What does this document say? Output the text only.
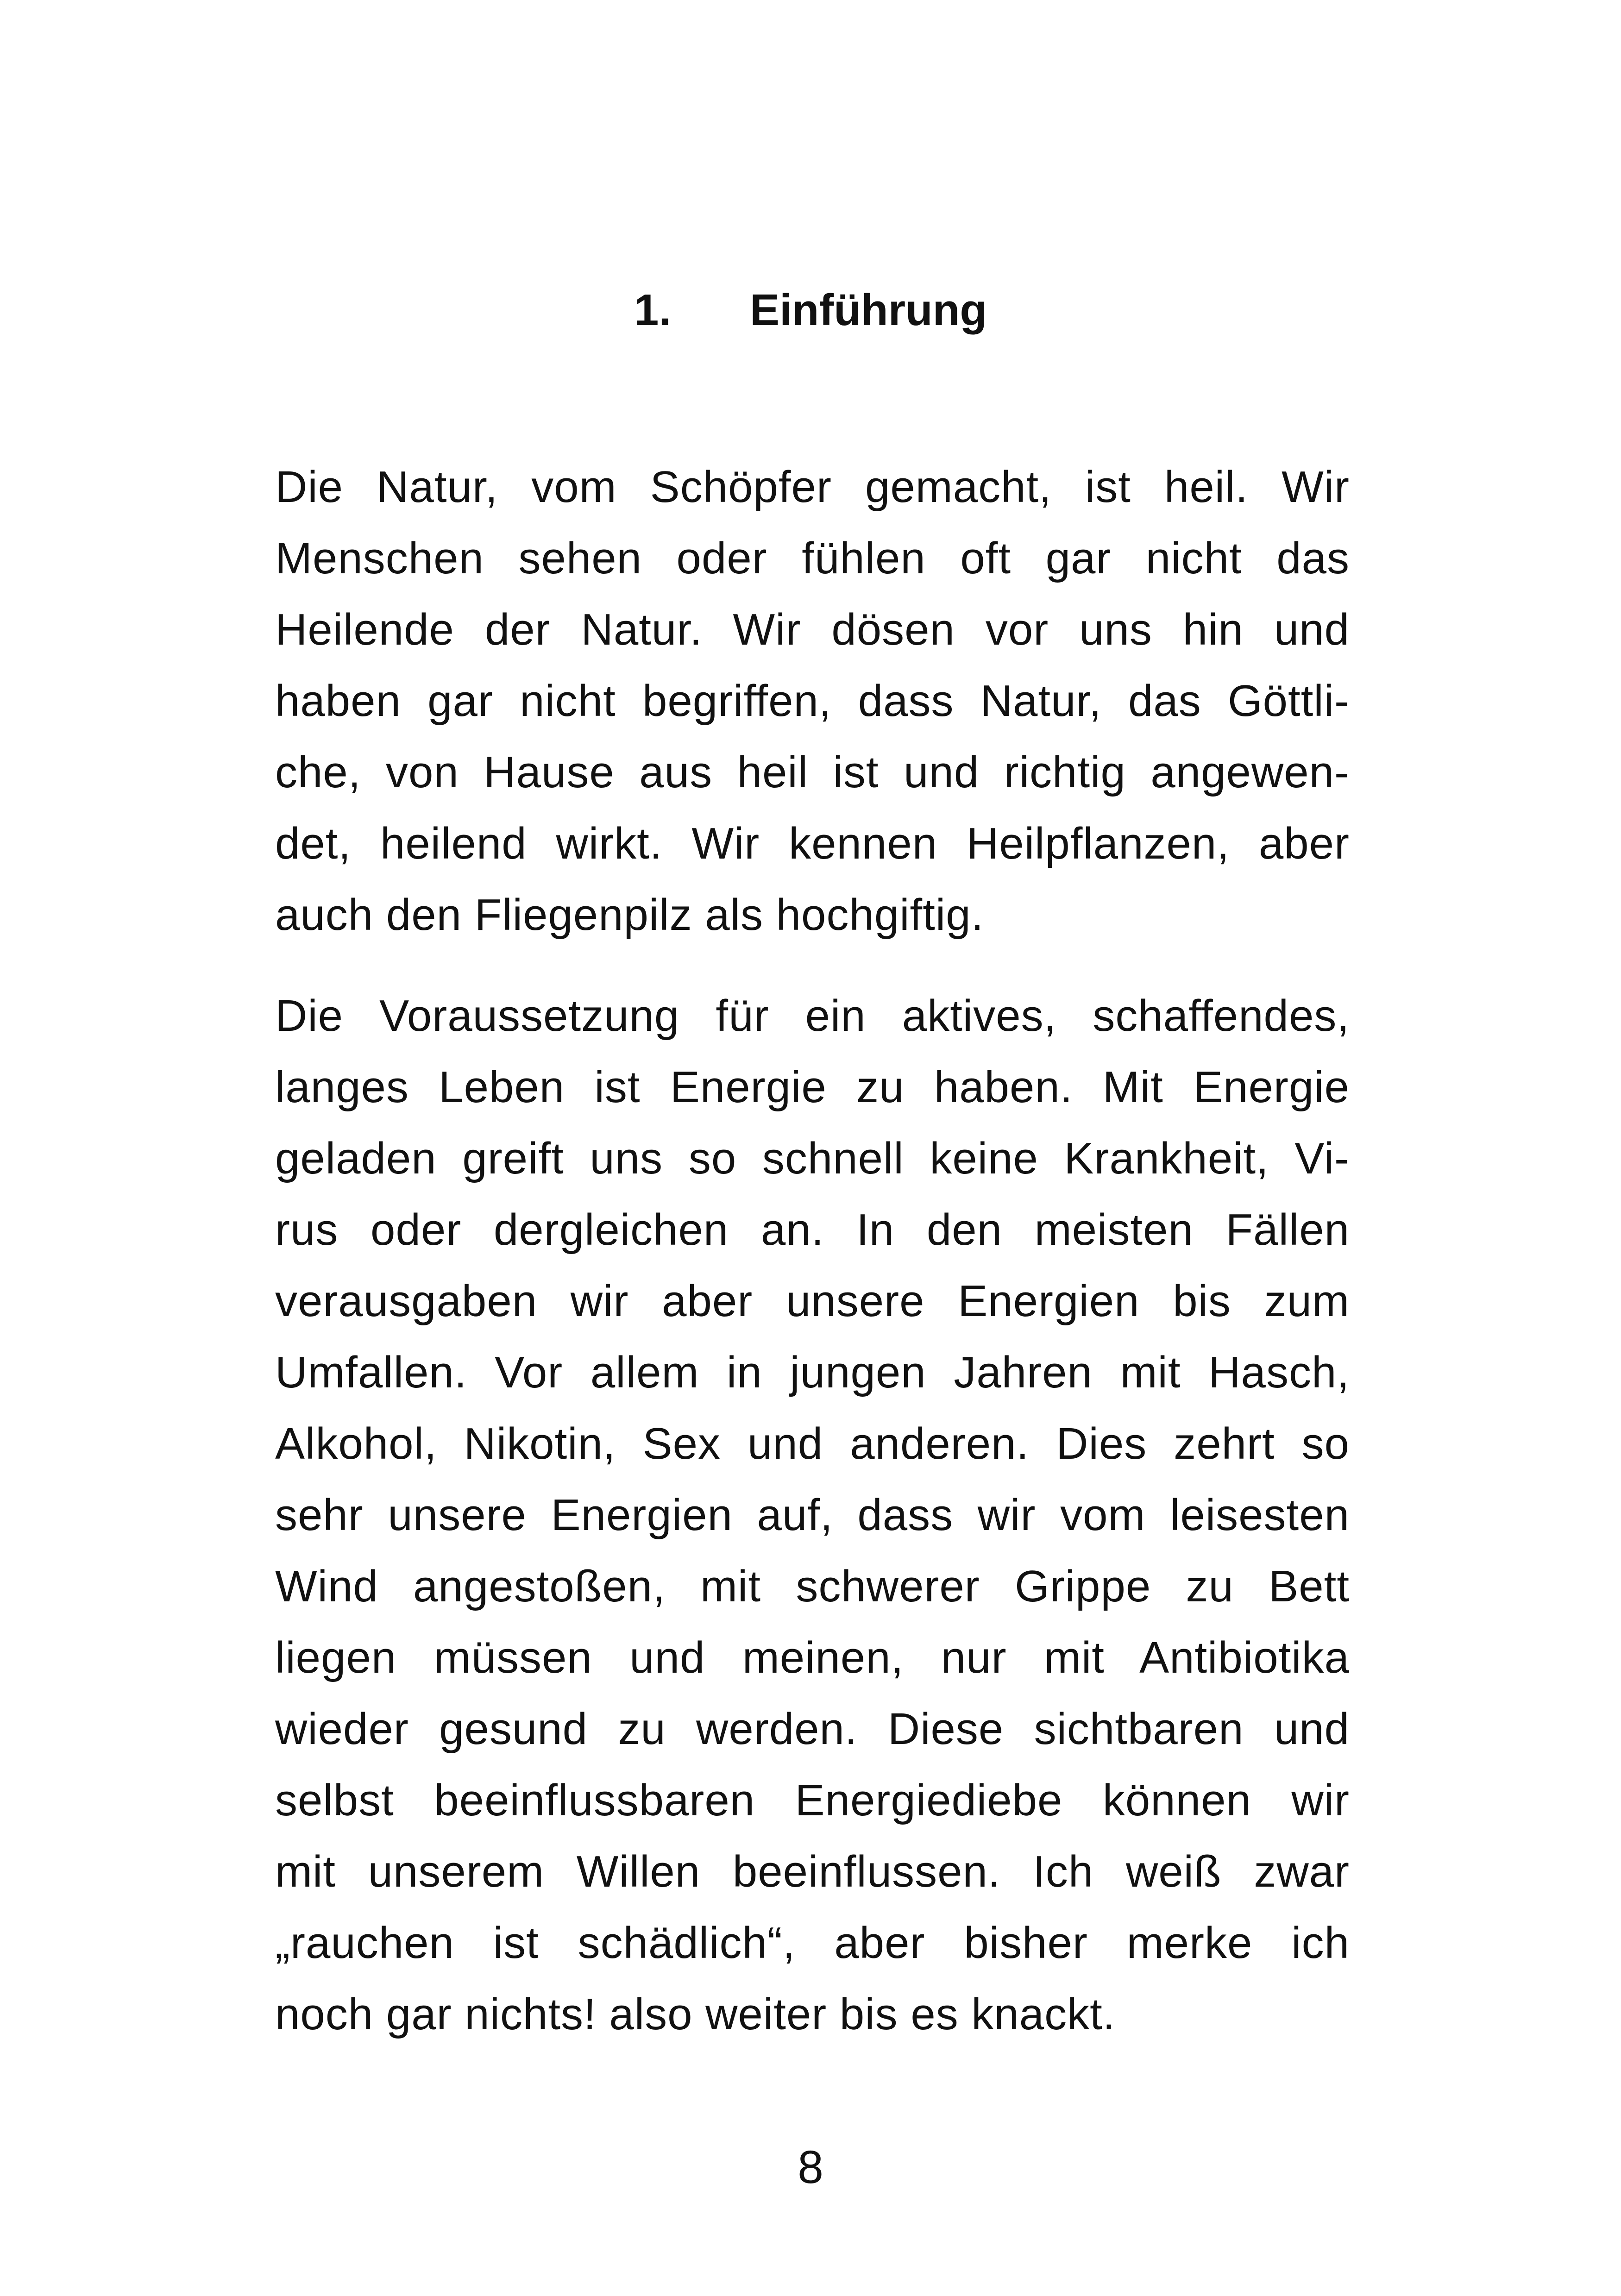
1. Einführung
Die Natur, vom Schöpfer gemacht, ist heil. Wir
Menschen sehen oder fühlen oft gar nicht das
Heilende der Natur. Wir dösen vor uns hin und
haben gar nicht begriffen, dass Natur, das Göttli-
che, von Hause aus heil ist und richtig angewen-
det, heilend wirkt. Wir kennen Heilpflanzen, aber
auch den Fliegenpilz als hochgiftig.
Die Voraussetzung für ein aktives, schaffendes,
langes Leben ist Energie zu haben. Mit Energie
geladen greift uns so schnell keine Krankheit, Vi-
rus oder dergleichen an. In den meisten Fällen
verausgaben wir aber unsere Energien bis zum
Umfallen. Vor allem in jungen Jahren mit Hasch,
Alkohol, Nikotin, Sex und anderen. Dies zehrt so
sehr unsere Energien auf, dass wir vom leisesten
Wind angestoßen, mit schwerer Grippe zu Bett
liegen müssen und meinen, nur mit Antibiotika
wieder gesund zu werden. Diese sichtbaren und
selbst beeinflussbaren Energiediebe können wir
mit unserem Willen beeinflussen. Ich weiß zwar
„rauchen ist schädlich“, aber bisher merke ich
noch gar nichts! also weiter bis es knackt.
8
